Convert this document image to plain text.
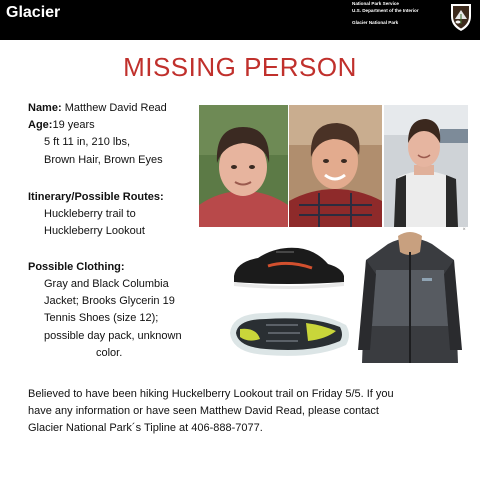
Glacier
National Park Service
U.S. Department of the Interior
Glacier National Park
MISSING PERSON
Name: Matthew David Read
Age:19 years
5 ft 11 in, 210 lbs,
Brown Hair, Brown Eyes
Itinerary/Possible Routes:
Huckleberry trail to
Huckleberry Lookout
Possible Clothing:
Gray and Black Columbia
Jacket; Brooks Glycerin 19
Tennis Shoes (size 12);
possible day pack, unknown
color.
˟
Believed to have been hiking Huckelberry Lookout trail on Friday 5/5. If you
have any information or have seen Matthew David Read, please contact
Glacier National Park´s Tipline at 406-888-7077.
